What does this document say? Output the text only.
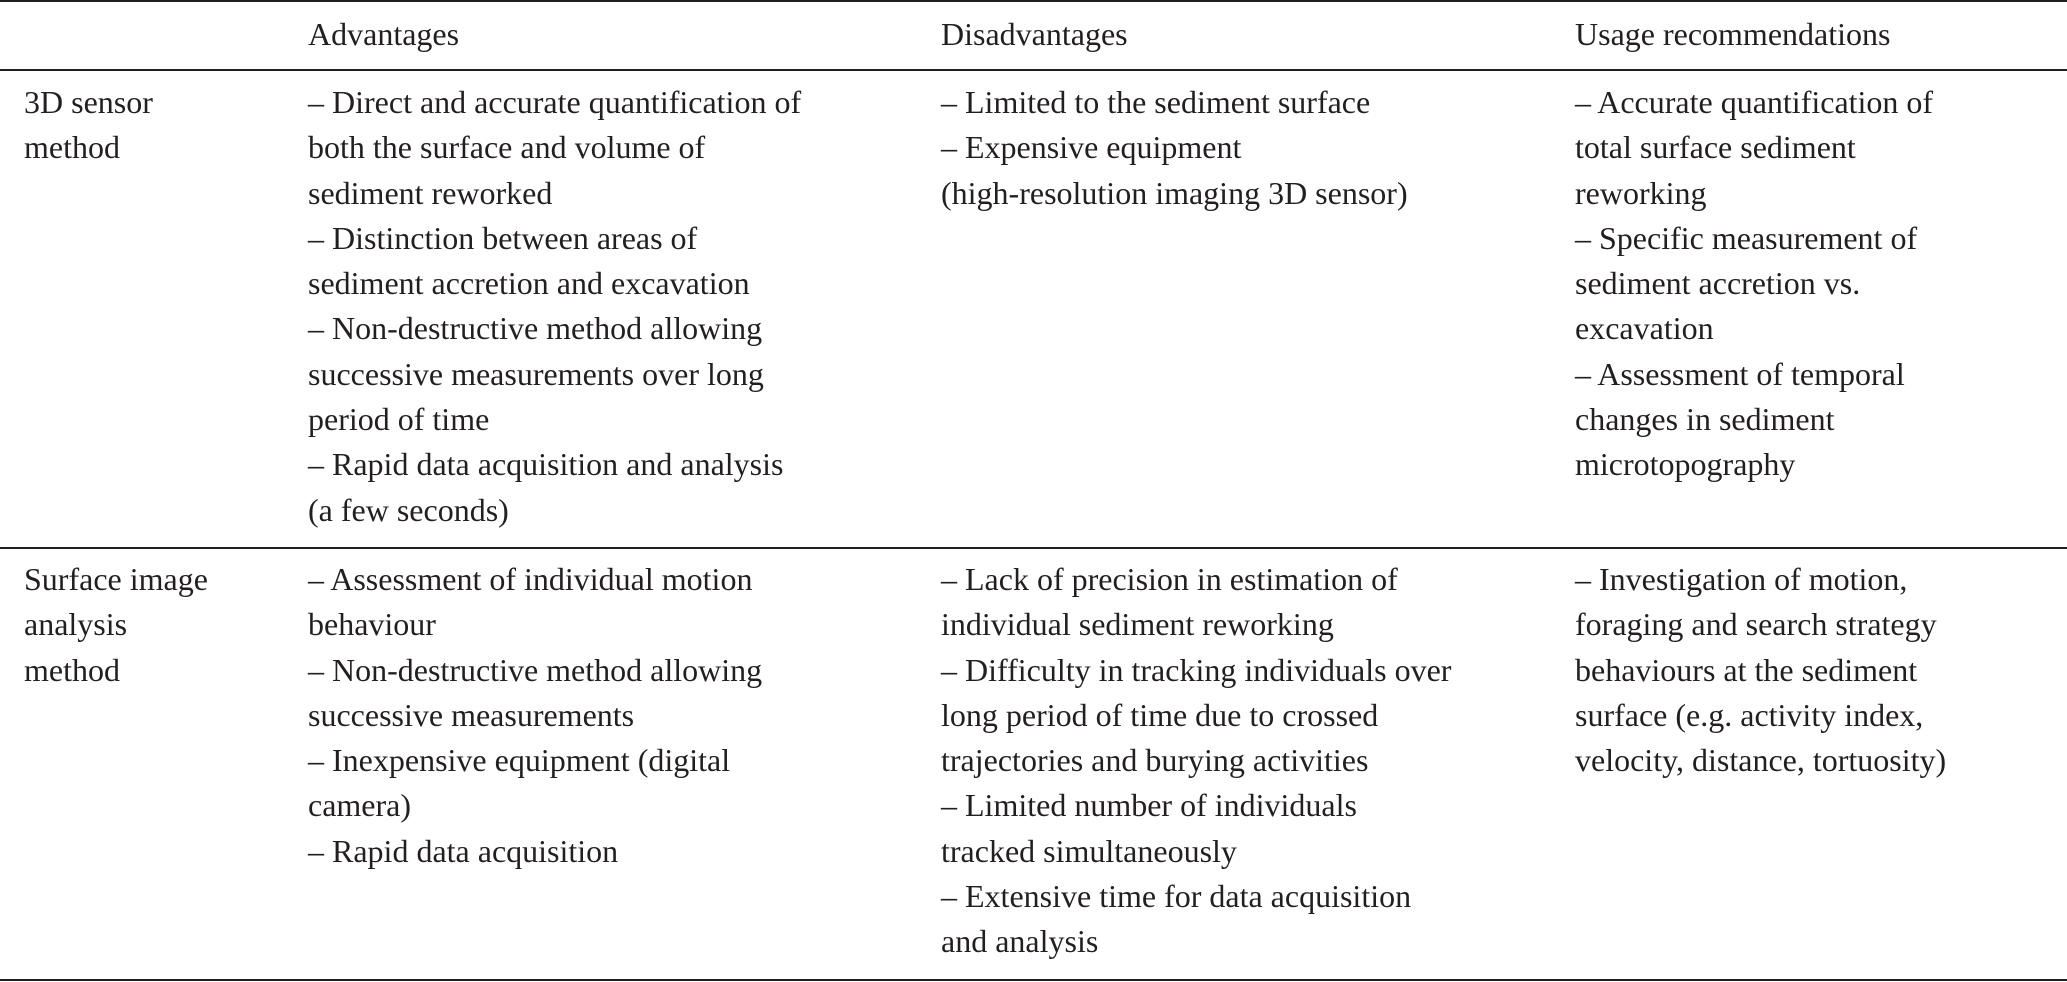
Advantages	Disadvantages	Usage recommendations
3D sensor
method
– Direct and accurate quantification of
both the surface and volume of
sediment reworked
– Distinction between areas of
sediment accretion and excavation
– Non-destructive method allowing
successive measurements over long
period of time
– Rapid data acquisition and analysis
(a few seconds)
– Limited to the sediment surface
– Expensive equipment
(high-resolution imaging 3D sensor)
– Accurate quantification of
total surface sediment
reworking
– Specific measurement of
sediment accretion vs.
excavation
– Assessment of temporal
changes in sediment
microtopography
Surface image
analysis
method
– Assessment of individual motion
behaviour
– Non-destructive method allowing
successive measurements
– Inexpensive equipment (digital
camera)
– Rapid data acquisition
– Lack of precision in estimation of
individual sediment reworking
– Difficulty in tracking individuals over
long period of time due to crossed
trajectories and burying activities
– Limited number of individuals
tracked simultaneously
– Extensive time for data acquisition
and analysis
– Investigation of motion,
foraging and search strategy
behaviours at the sediment
surface (e.g. activity index,
velocity, distance, tortuosity)
